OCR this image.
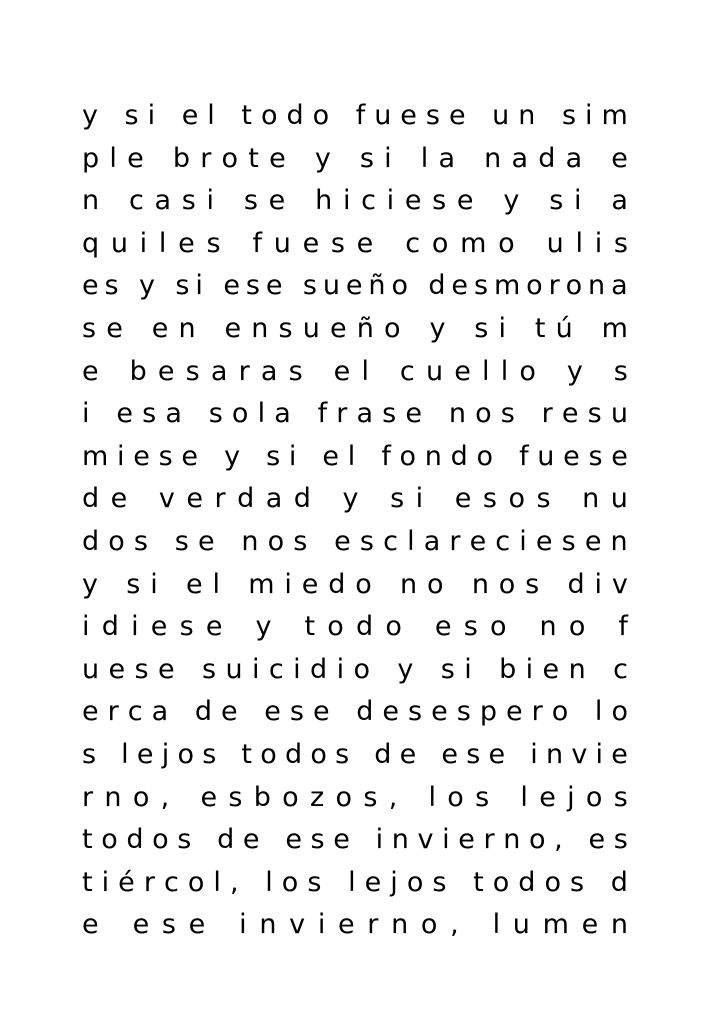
y
s i
e l
t o d o
f u e s e
u n
s i m
p l e
b r o t e
y
s i
l a
n a d a
e
n
c a s i
s e
h i c i e s e
y
s i
a
q u i l e s
f u e s e
c o m o
u l i s
e s
y
s i
e s e
s u e ñ o
d e s m o r o n a
s e
e n
e n s u e ñ o
y
s i
t ú
m
e
b e s a r a s
e l
c u e l l o
y
s
i
e s a
s o l a
f r a s e
n o s
r e s u
m i e s e
y
s i
e l
f o n d o
f u e s e
d e
v e r d a d
y
s i
e s o s
n u
d o s
s e
n o s
e s c l a r e c i e s e n
y
s i
e l
m i e d o
n o
n o s
d i v
i d i e s e
y
t o d o
e s o
n o
f
u e s e
s u i c i d i o
y
s i
b i e n
c
e r c a
d e
e s e
d e s e s p e r o
l o
s
l e j o s
t o d o s
d e
e s e
i n v i e
r n o ,
e s b o z o s ,
l o s
l e j o s
t o d o s
d e
e s e
i n v i e r n o ,
e s
t i é r c o l ,
l o s
l e j o s
t o d o s
d
e
e s e
i n v i e r n o ,
l u m e n
